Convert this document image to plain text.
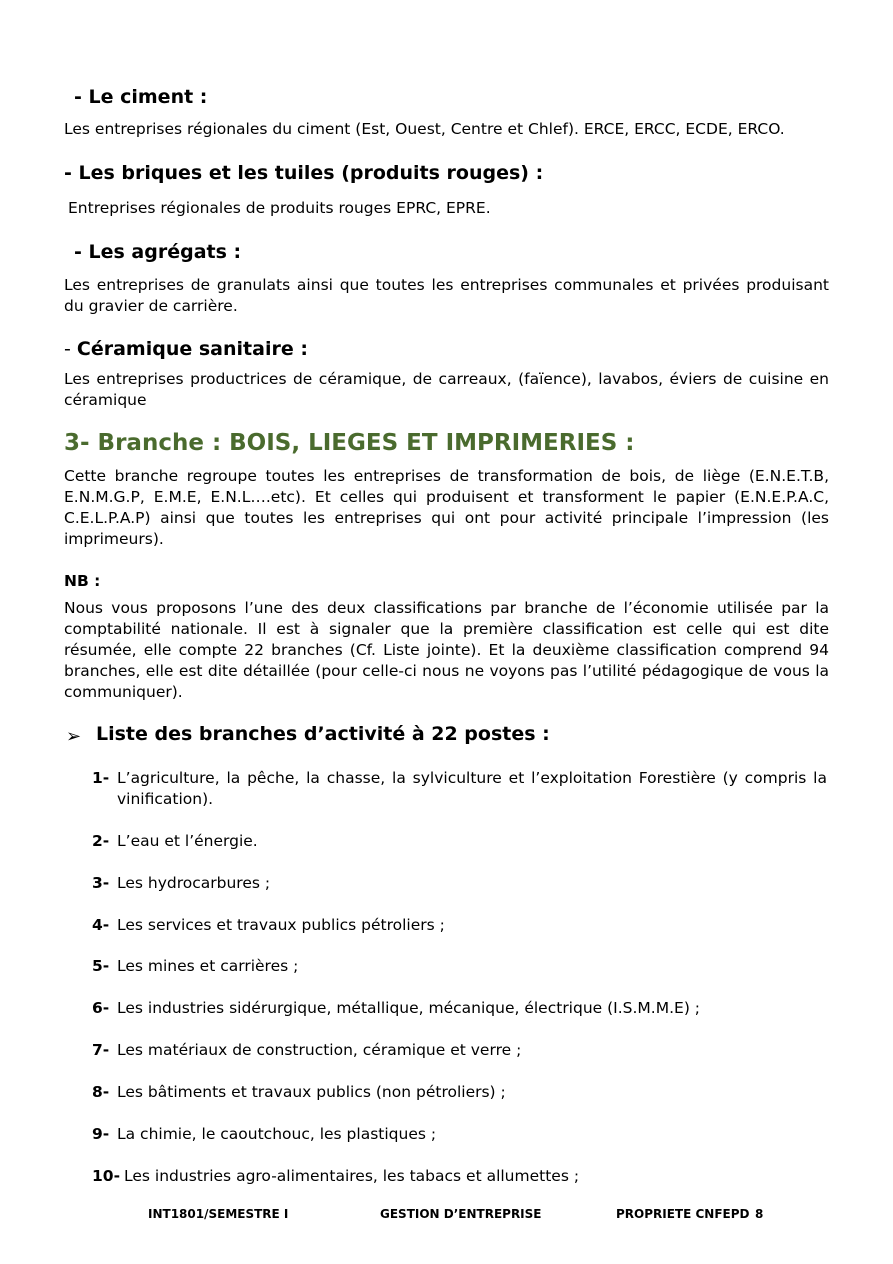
- Le ciment :
Les entreprises régionales du ciment (Est, Ouest, Centre et Chlef). ERCE, ERCC, ECDE, ERCO.
- Les briques et les tuiles (produits rouges) :
Entreprises régionales de produits rouges EPRC, EPRE.
- Les agrégats :
Les entreprises de granulats ainsi que toutes les entreprises communales et privées produisant du gravier de carrière.
- Céramique sanitaire :
Les entreprises productrices de céramique, de carreaux, (faïence), lavabos, éviers de cuisine en céramique
3- Branche : BOIS, LIEGES ET IMPRIMERIES :
Cette branche regroupe toutes les entreprises de transformation de bois, de liège (E.N.E.T.B, E.N.M.G.P, E.M.E, E.N.L….etc). Et celles qui produisent et transforment le papier (E.N.E.P.A.C, C.E.L.P.A.P) ainsi que toutes les entreprises qui ont pour activité principale l’impression (les imprimeurs).
NB :
Nous vous proposons l’une des deux classifications par branche de l’économie utilisée par la comptabilité nationale. Il est à signaler que la première classification est celle qui est dite résumée, elle compte 22 branches (Cf. Liste jointe). Et la deuxième classification comprend 94 branches, elle est dite détaillée (pour celle-ci nous ne voyons pas l’utilité pédagogique de vous la communiquer).
➢ Liste des branches d’activité à 22 postes :
1- L’agriculture, la pêche, la chasse, la sylviculture et l’exploitation Forestière (y compris la vinification).
2- L’eau et l’énergie.
3- Les hydrocarbures ;
4- Les services et travaux publics pétroliers ;
5- Les mines et carrières ;
6- Les industries sidérurgique, métallique, mécanique, électrique (I.S.M.M.E) ;
7- Les matériaux de construction, céramique et verre ;
8- Les bâtiments et travaux publics (non pétroliers) ;
9- La chimie, le caoutchouc, les plastiques ;
10- Les industries agro-alimentaires, les tabacs et allumettes ;
INT1801/SEMESTRE I	GESTION D’ENTREPRISE	PROPRIETE CNFEPD 8
